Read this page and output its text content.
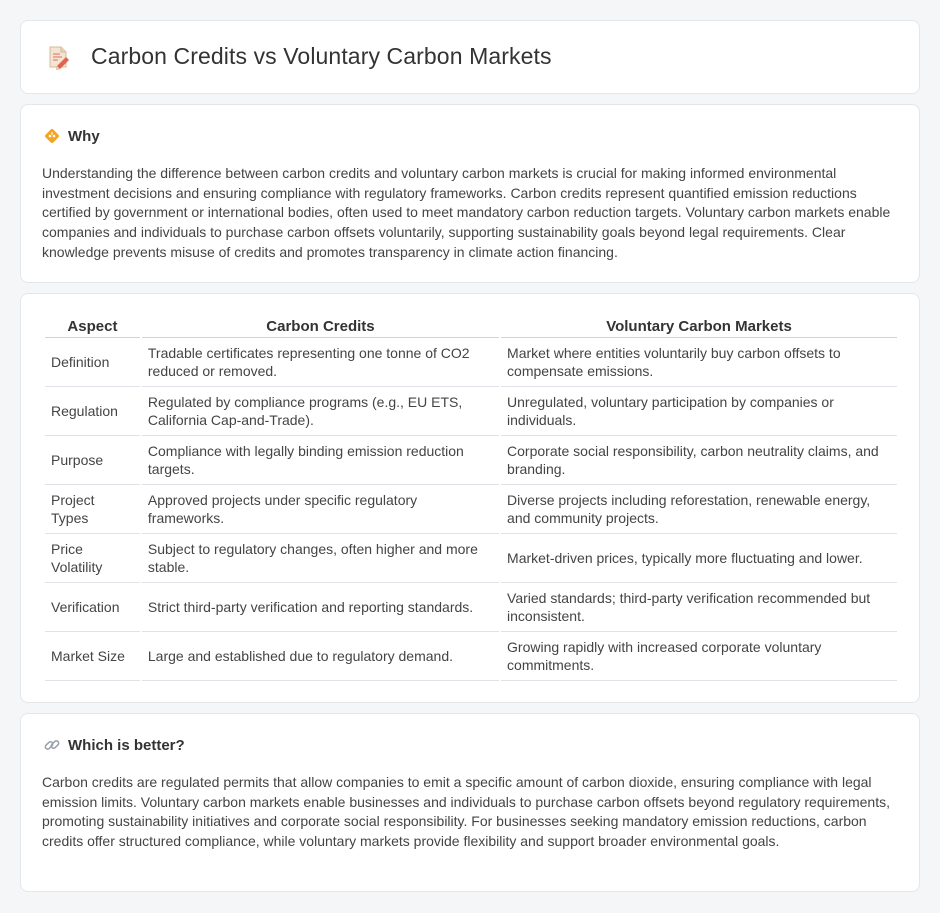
Carbon Credits vs Voluntary Carbon Markets
Why

Understanding the difference between carbon credits and voluntary carbon markets is crucial for making informed environmental investment decisions and ensuring compliance with regulatory frameworks. Carbon credits represent quantified emission reductions certified by government or international bodies, often used to meet mandatory carbon reduction targets. Voluntary carbon markets enable companies and individuals to purchase carbon offsets voluntarily, supporting sustainability goals beyond legal requirements. Clear knowledge prevents misuse of credits and promotes transparency in climate action financing.

Aspect	Carbon Credits	Voluntary Carbon Markets
Definition	Tradable certificates representing one tonne of CO2 reduced or removed.	Market where entities voluntarily buy carbon offsets to compensate emissions.
Regulation	Regulated by compliance programs (e.g., EU ETS, California Cap-and-Trade).	Unregulated, voluntary participation by companies or individuals.
Purpose	Compliance with legally binding emission reduction targets.	Corporate social responsibility, carbon neutrality claims, and branding.
Project Types	Approved projects under specific regulatory frameworks.	Diverse projects including reforestation, renewable energy, and community projects.
Price Volatility	Subject to regulatory changes, often higher and more stable.	Market-driven prices, typically more fluctuating and lower.
Verification	Strict third-party verification and reporting standards.	Varied standards; third-party verification recommended but inconsistent.
Market Size	Large and established due to regulatory demand.	Growing rapidly with increased corporate voluntary commitments.
Which is better?

Carbon credits are regulated permits that allow companies to emit a specific amount of carbon dioxide, ensuring compliance with legal emission limits. Voluntary carbon markets enable businesses and individuals to purchase carbon offsets beyond regulatory requirements, promoting sustainability initiatives and corporate social responsibility. For businesses seeking mandatory emission reductions, carbon credits offer structured compliance, while voluntary markets provide flexibility and support broader environmental goals.
